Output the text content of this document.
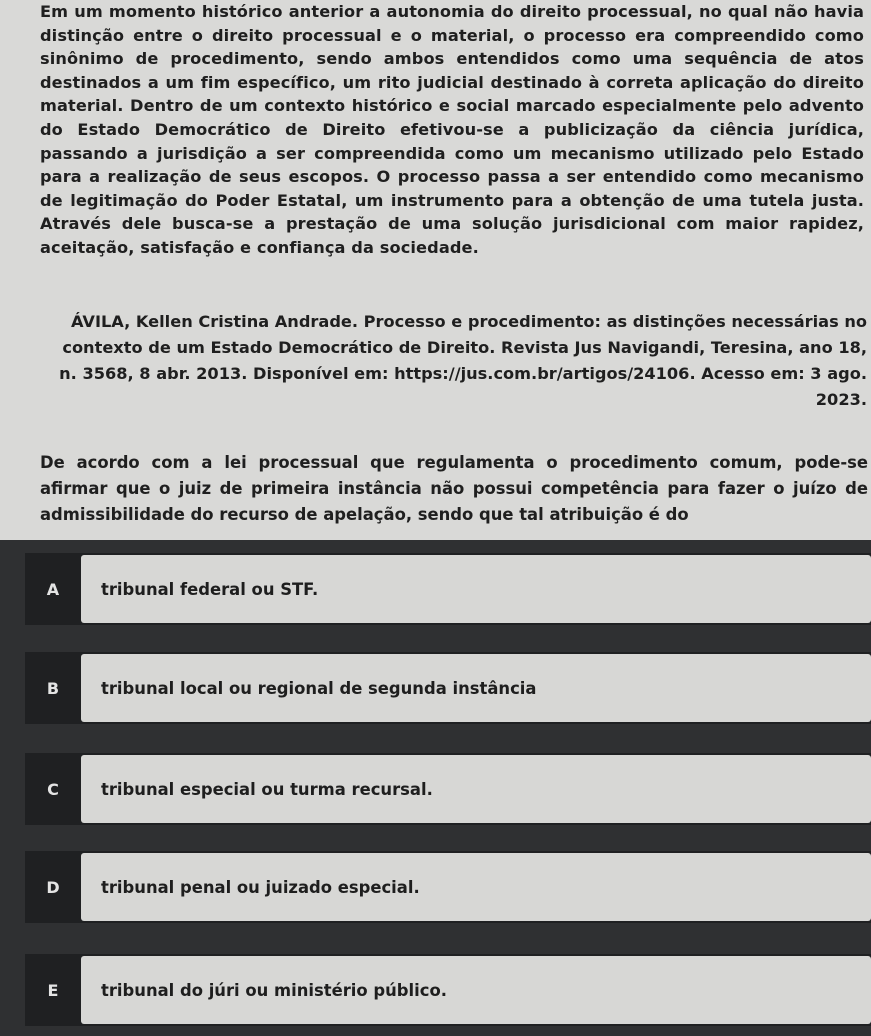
Em um momento histórico anterior a autonomia do direito processual, no qual não havia distinção entre o direito processual e o material, o processo era compreendido como sinônimo de procedimento, sendo ambos entendidos como uma sequência de atos destinados a um fim específico, um rito judicial destinado à correta aplicação do direito material. Dentro de um contexto histórico e social marcado especialmente pelo advento do Estado Democrático de Direito efetivou-se a publicização da ciência jurídica, passando a jurisdição a ser compreendida como um mecanismo utilizado pelo Estado para a realização de seus escopos. O processo passa a ser entendido como mecanismo de legitimação do Poder Estatal, um instrumento para a obtenção de uma tutela justa. Através dele busca-se a prestação de uma solução jurisdicional com maior rapidez, aceitação, satisfação e confiança da sociedade.
ÁVILA, Kellen Cristina Andrade. Processo e procedimento: as distinções necessárias no contexto de um Estado Democrático de Direito. Revista Jus Navigandi, Teresina, ano 18, n. 3568, 8 abr. 2013. Disponível em: https://jus.com.br/artigos/24106. Acesso em: 3 ago. 2023.
De acordo com a lei processual que regulamenta o procedimento comum, pode-se afirmar que o juiz de primeira instância não possui competência para fazer o juízo de admissibilidade do recurso de apelação, sendo que tal atribuição é do
A	tribunal federal ou STF.
B	tribunal local ou regional de segunda instância
C	tribunal especial ou turma recursal.
D	tribunal penal ou juizado especial.
E	tribunal do júri ou ministério público.
